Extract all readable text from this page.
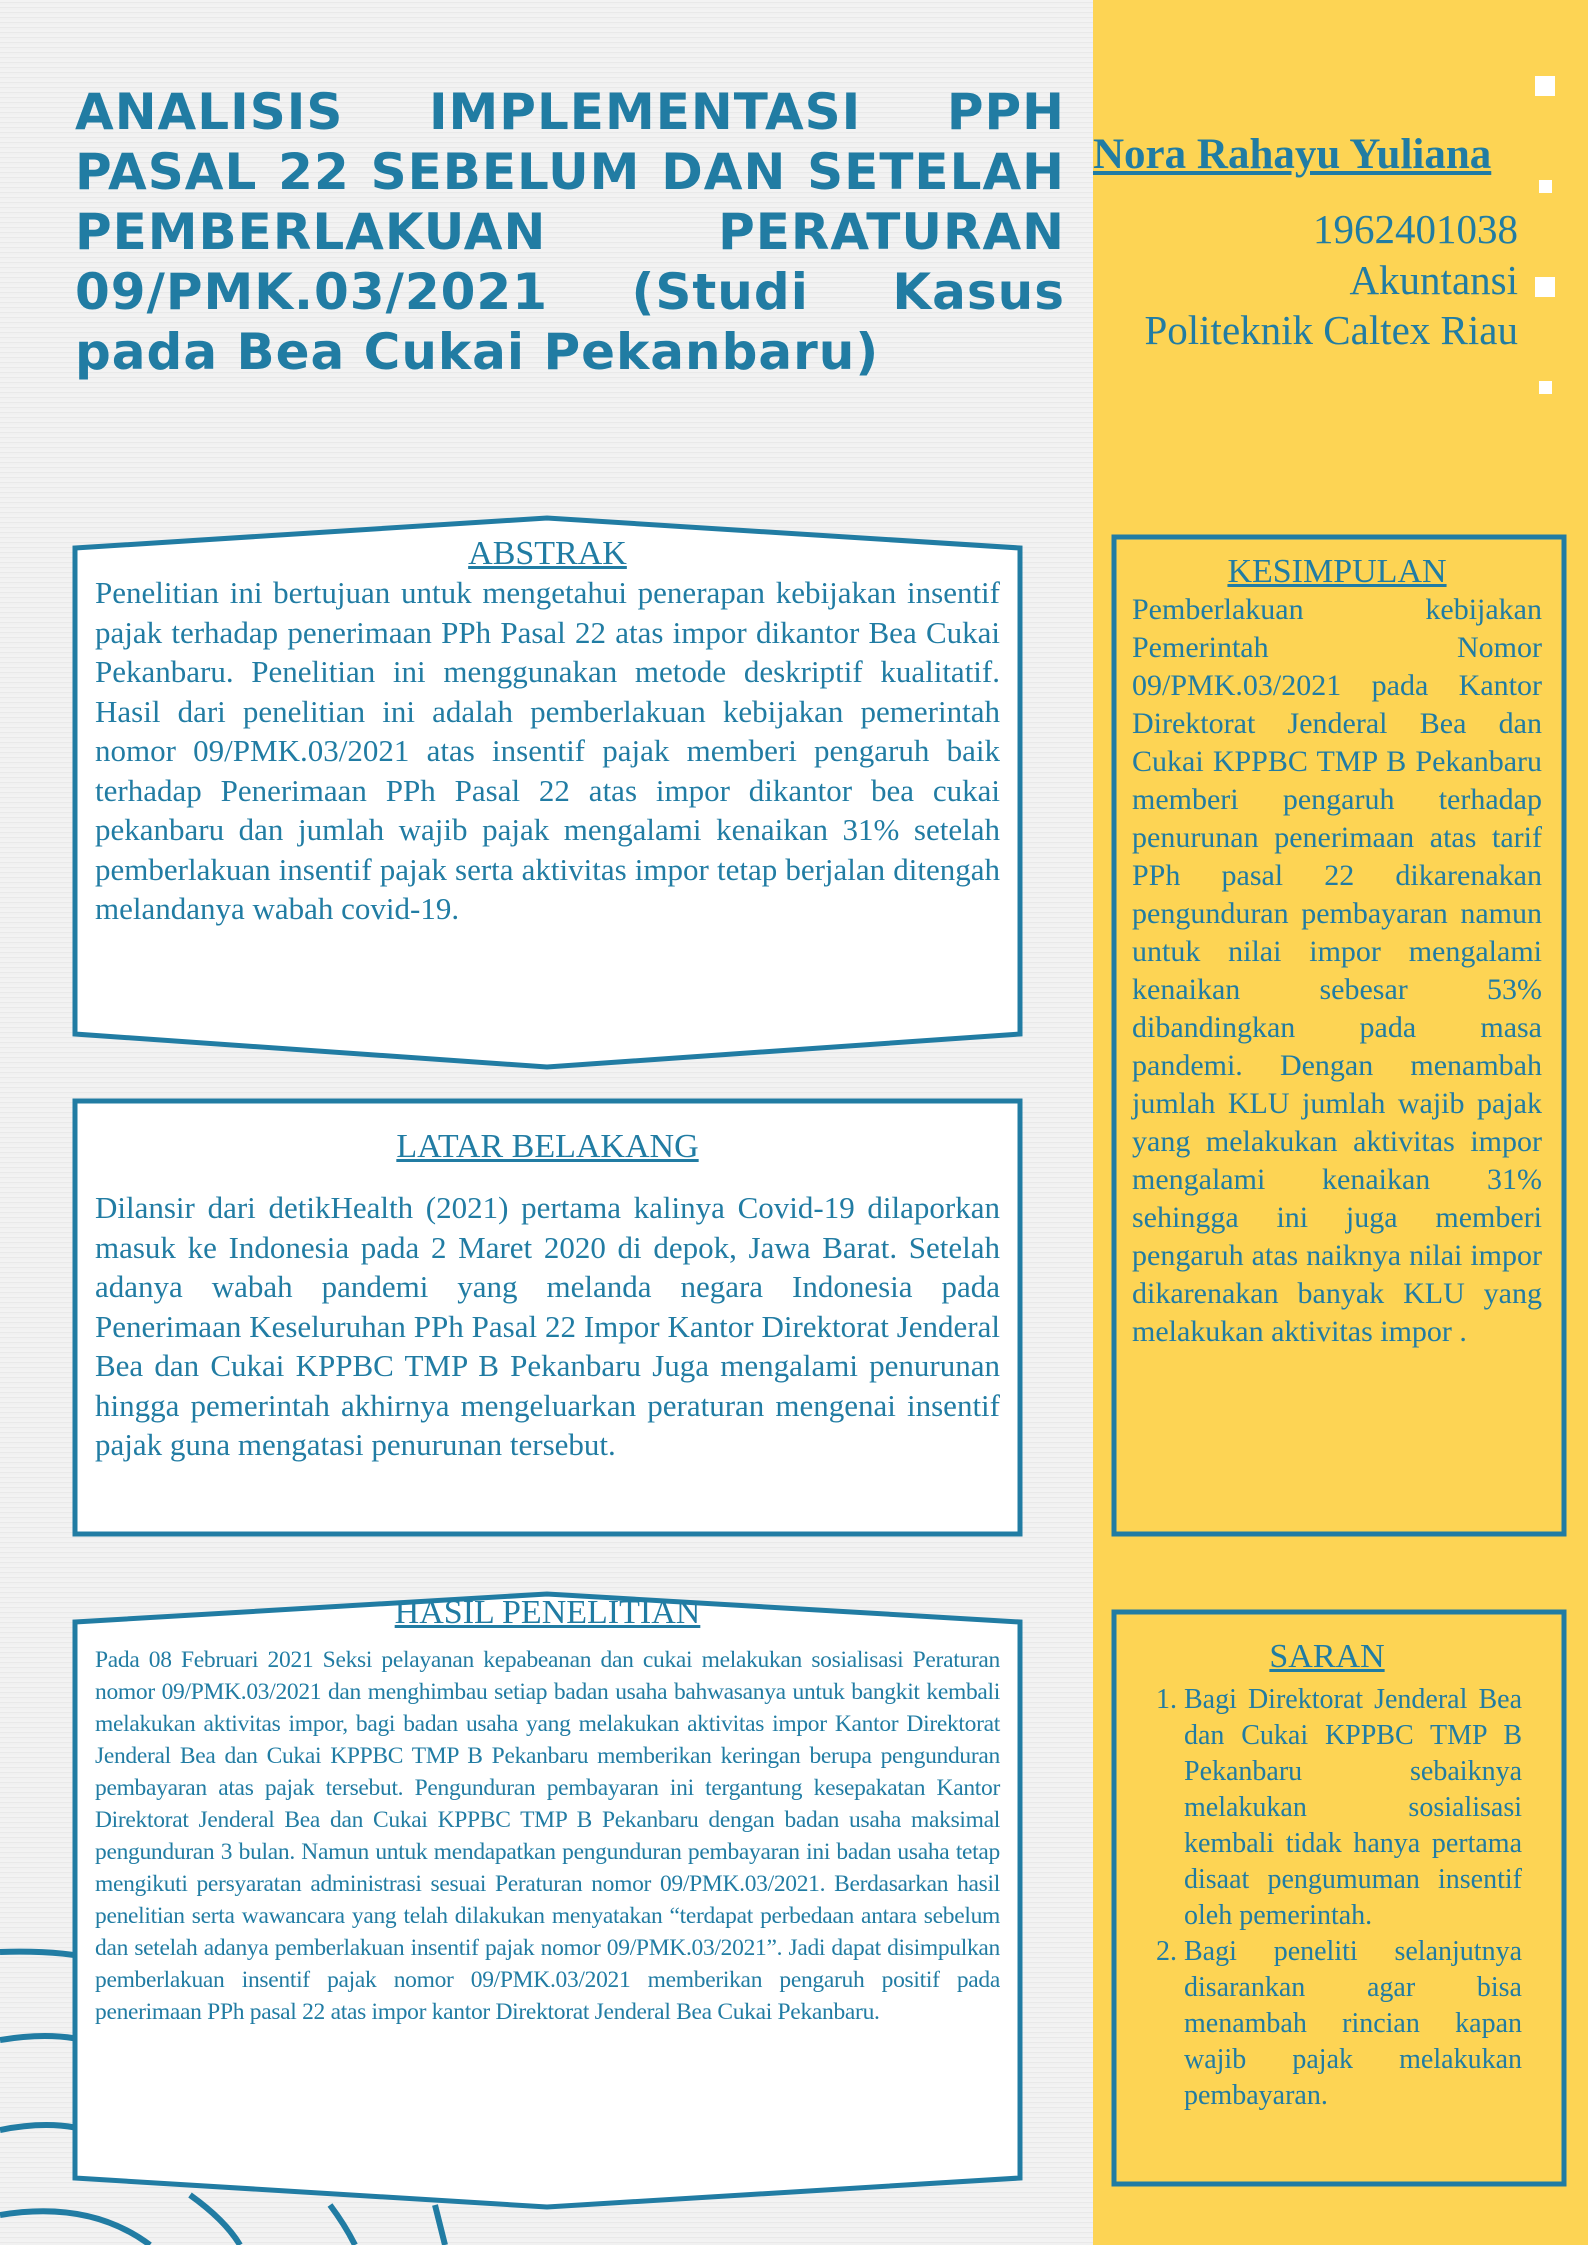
ANALISIS IMPLEMENTASI PPH PASAL 22 SEBELUM DAN SETELAH PEMBERLAKUAN PERATURAN 09/PMK.03/2021 (Studi Kasus pada Bea Cukai Pekanbaru)
Nora Rahayu Yuliana
1962401038
Akuntansi
Politeknik Caltex Riau
ABSTRAK
Penelitian ini bertujuan untuk mengetahui penerapan kebijakan insentif pajak terhadap penerimaan PPh Pasal 22 atas impor dikantor Bea Cukai Pekanbaru. Penelitian ini menggunakan metode deskriptif kualitatif. Hasil dari penelitian ini adalah pemberlakuan kebijakan pemerintah nomor 09/PMK.03/2021 atas insentif pajak memberi pengaruh baik terhadap Penerimaan PPh Pasal 22 atas impor dikantor bea cukai pekanbaru dan jumlah wajib pajak mengalami kenaikan 31% setelah pemberlakuan insentif pajak serta aktivitas impor tetap berjalan ditengah melandanya wabah covid-19.
LATAR BELAKANG
Dilansir dari detikHealth (2021) pertama kalinya Covid-19 dilaporkan masuk ke Indonesia pada 2 Maret 2020 di depok, Jawa Barat. Setelah adanya wabah pandemi yang melanda negara Indonesia pada Penerimaan Keseluruhan PPh Pasal 22 Impor Kantor Direktorat Jenderal Bea dan Cukai KPPBC TMP B Pekanbaru Juga mengalami penurunan hingga pemerintah akhirnya mengeluarkan peraturan mengenai insentif pajak guna mengatasi penurunan tersebut.
HASIL PENELITIAN
Pada 08 Februari 2021 Seksi pelayanan kepabeanan dan cukai melakukan sosialisasi Peraturan nomor 09/PMK.03/2021 dan menghimbau setiap badan usaha bahwasanya untuk bangkit kembali melakukan aktivitas impor, bagi badan usaha yang melakukan aktivitas impor Kantor Direktorat Jenderal Bea dan Cukai KPPBC TMP B Pekanbaru memberikan keringan berupa pengunduran pembayaran atas pajak tersebut. Pengunduran pembayaran ini tergantung kesepakatan Kantor Direktorat Jenderal Bea dan Cukai KPPBC TMP B Pekanbaru dengan badan usaha maksimal pengunduran 3 bulan. Namun untuk mendapatkan pengunduran pembayaran ini badan usaha tetap mengikuti persyaratan administrasi sesuai Peraturan nomor 09/PMK.03/2021. Berdasarkan hasil penelitian serta wawancara yang telah dilakukan menyatakan “terdapat perbedaan antara sebelum dan setelah adanya pemberlakuan insentif pajak nomor 09/PMK.03/2021”. Jadi dapat disimpulkan pemberlakuan insentif pajak nomor 09/PMK.03/2021 memberikan pengaruh positif pada penerimaan PPh pasal 22 atas impor kantor Direktorat Jenderal Bea Cukai Pekanbaru.
KESIMPULAN
Pemberlakuan kebijakan Pemerintah Nomor 09/PMK.03/2021 pada Kantor Direktorat Jenderal Bea dan Cukai KPPBC TMP B Pekanbaru memberi pengaruh terhadap penurunan penerimaan atas tarif PPh pasal 22 dikarenakan pengunduran pembayaran namun untuk nilai impor mengalami kenaikan sebesar 53% dibandingkan pada masa pandemi. Dengan menambah jumlah KLU jumlah wajib pajak yang melakukan aktivitas impor mengalami kenaikan 31% sehingga ini juga memberi pengaruh atas naiknya nilai impor dikarenakan banyak KLU yang melakukan aktivitas impor .
SARAN
1. Bagi Direktorat Jenderal Bea dan Cukai KPPBC TMP B Pekanbaru sebaiknya melakukan sosialisasi kembali tidak hanya pertama disaat pengumuman insentif oleh pemerintah.
2. Bagi peneliti selanjutnya disarankan agar bisa menambah rincian kapan wajib pajak melakukan pembayaran.
